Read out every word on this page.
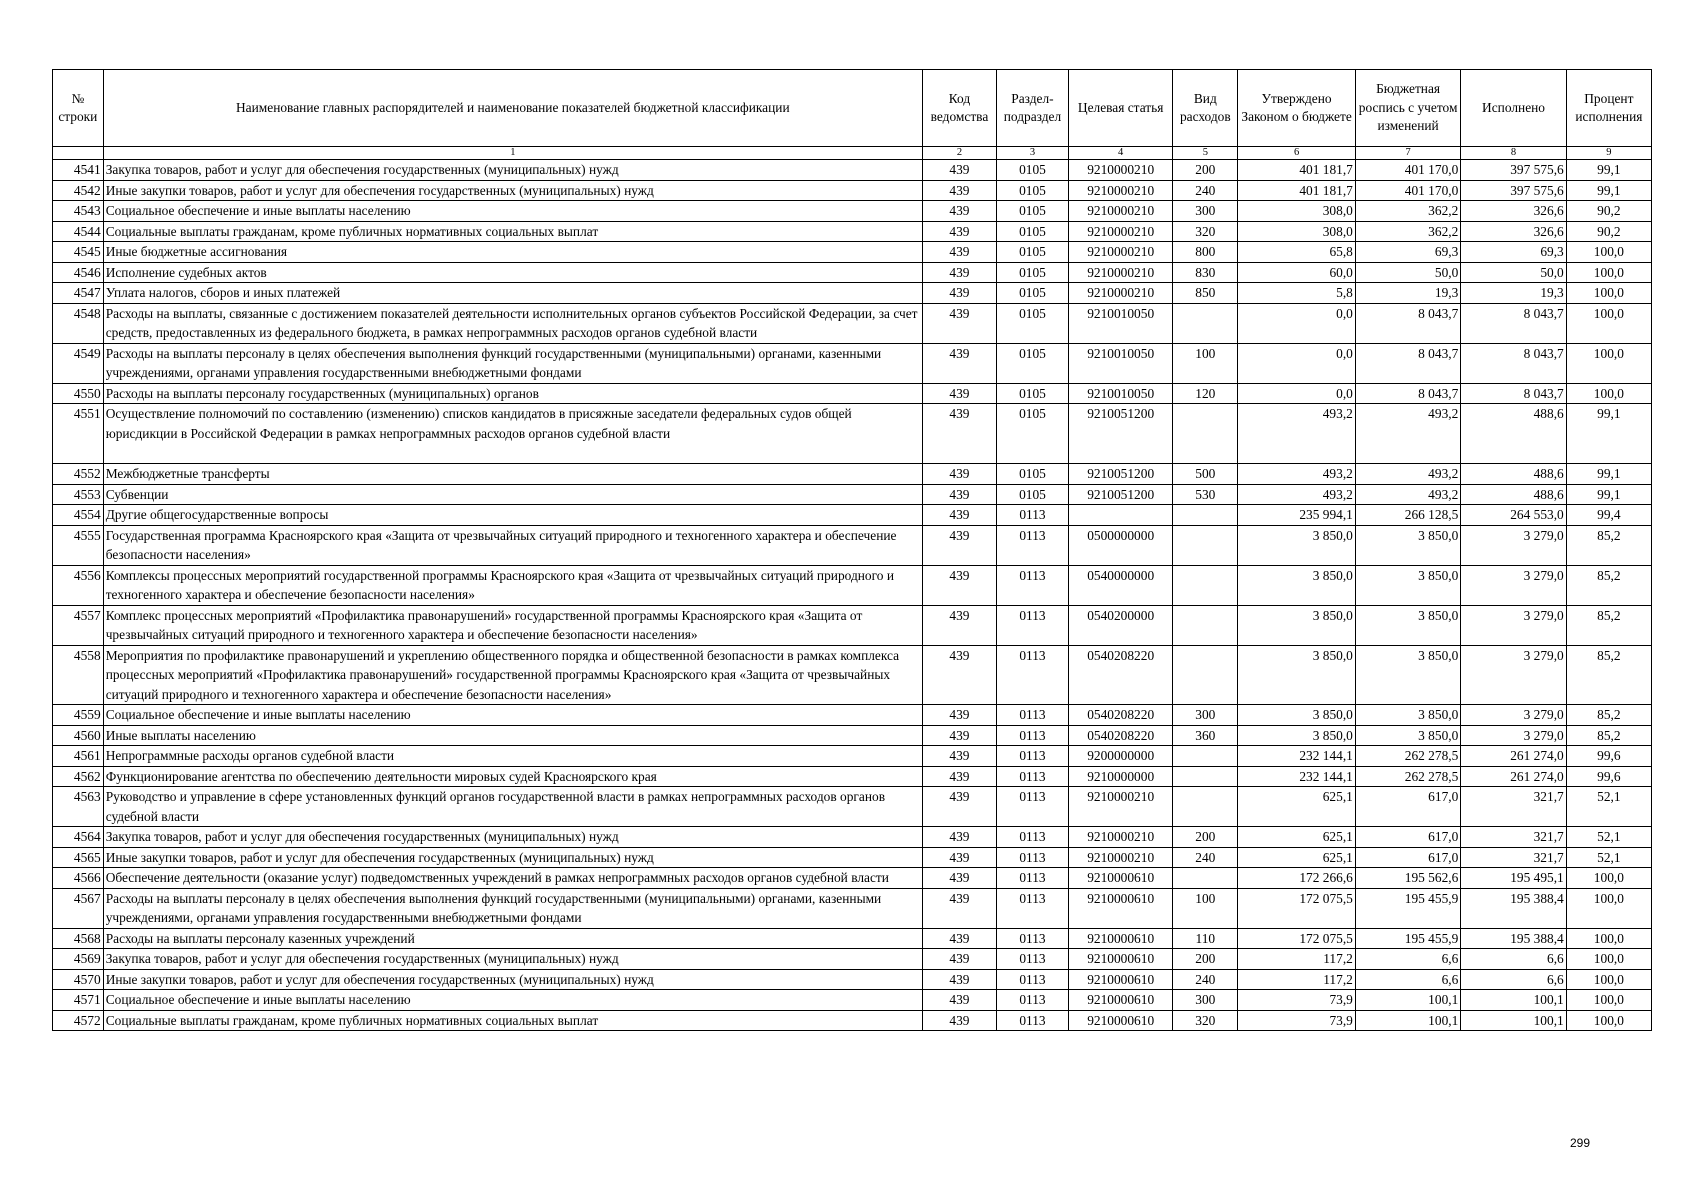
№ строки	Наименование главных распорядителей и наименование показателей бюджетной классификации	Код ведомства	Раздел-подраздел	Целевая статья	Вид расходов	Утверждено Законом о бюджете	Бюджетная роспись с учетом изменений	Исполнено	Процент исполнения
	1	2	3	4	5	6	7	8	9
4541	Закупка товаров, работ и услуг для обеспечения государственных (муниципальных) нужд	439	0105	9210000210	200	401 181,7	401 170,0	397 575,6	99,1
4542	Иные закупки товаров, работ и услуг для обеспечения государственных (муниципальных) нужд	439	0105	9210000210	240	401 181,7	401 170,0	397 575,6	99,1
4543	Социальное обеспечение и иные выплаты населению	439	0105	9210000210	300	308,0	362,2	326,6	90,2
4544	Социальные выплаты гражданам, кроме публичных нормативных социальных выплат	439	0105	9210000210	320	308,0	362,2	326,6	90,2
4545	Иные бюджетные ассигнования	439	0105	9210000210	800	65,8	69,3	69,3	100,0
4546	Исполнение судебных актов	439	0105	9210000210	830	60,0	50,0	50,0	100,0
4547	Уплата налогов, сборов и иных платежей	439	0105	9210000210	850	5,8	19,3	19,3	100,0
4548	Расходы на выплаты, связанные с достижением показателей деятельности исполнительных органов субъектов Российской Федерации, за счет средств, предоставленных из федерального бюджета, в рамках непрограммных расходов органов судебной власти	439	0105	9210010050		0,0	8 043,7	8 043,7	100,0
4549	Расходы на выплаты персоналу в целях обеспечения выполнения функций государственными (муниципальными) органами, казенными учреждениями, органами управления государственными внебюджетными фондами	439	0105	9210010050	100	0,0	8 043,7	8 043,7	100,0
4550	Расходы на выплаты персоналу государственных (муниципальных) органов	439	0105	9210010050	120	0,0	8 043,7	8 043,7	100,0
4551	Осуществление полномочий по составлению (изменению) списков кандидатов в присяжные заседатели федеральных судов общей юрисдикции в Российской Федерации в рамках непрограммных расходов органов судебной власти	439	0105	9210051200		493,2	493,2	488,6	99,1
4552	Межбюджетные трансферты	439	0105	9210051200	500	493,2	493,2	488,6	99,1
4553	Субвенции	439	0105	9210051200	530	493,2	493,2	488,6	99,1
4554	Другие общегосударственные вопросы	439	0113			235 994,1	266 128,5	264 553,0	99,4
4555	Государственная программа Красноярского края «Защита от чрезвычайных ситуаций природного и техногенного характера и обеспечение безопасности населения»	439	0113	0500000000		3 850,0	3 850,0	3 279,0	85,2
4556	Комплексы процессных мероприятий государственной программы Красноярского края «Защита от чрезвычайных ситуаций природного и техногенного характера и обеспечение безопасности населения»	439	0113	0540000000		3 850,0	3 850,0	3 279,0	85,2
4557	Комплекс процессных мероприятий «Профилактика правонарушений» государственной программы Красноярского края «Защита от чрезвычайных ситуаций природного и техногенного характера и обеспечение безопасности населения»	439	0113	0540200000		3 850,0	3 850,0	3 279,0	85,2
4558	Мероприятия по профилактике правонарушений и укреплению общественного порядка и общественной безопасности в рамках комплекса процессных мероприятий «Профилактика правонарушений» государственной программы Красноярского края «Защита от чрезвычайных ситуаций природного и техногенного характера и обеспечение безопасности населения»	439	0113	0540208220		3 850,0	3 850,0	3 279,0	85,2
4559	Социальное обеспечение и иные выплаты населению	439	0113	0540208220	300	3 850,0	3 850,0	3 279,0	85,2
4560	Иные выплаты населению	439	0113	0540208220	360	3 850,0	3 850,0	3 279,0	85,2
4561	Непрограммные расходы органов судебной власти	439	0113	9200000000		232 144,1	262 278,5	261 274,0	99,6
4562	Функционирование агентства по обеспечению деятельности мировых судей Красноярского края	439	0113	9210000000		232 144,1	262 278,5	261 274,0	99,6
4563	Руководство и управление в сфере установленных функций органов государственной власти в рамках непрограммных расходов органов судебной власти	439	0113	9210000210		625,1	617,0	321,7	52,1
4564	Закупка товаров, работ и услуг для обеспечения государственных (муниципальных) нужд	439	0113	9210000210	200	625,1	617,0	321,7	52,1
4565	Иные закупки товаров, работ и услуг для обеспечения государственных (муниципальных) нужд	439	0113	9210000210	240	625,1	617,0	321,7	52,1
4566	Обеспечение деятельности (оказание услуг) подведомственных учреждений в рамках непрограммных расходов органов судебной власти	439	0113	9210000610		172 266,6	195 562,6	195 495,1	100,0
4567	Расходы на выплаты персоналу в целях обеспечения выполнения функций государственными (муниципальными) органами, казенными учреждениями, органами управления государственными внебюджетными фондами	439	0113	9210000610	100	172 075,5	195 455,9	195 388,4	100,0
4568	Расходы на выплаты персоналу казенных учреждений	439	0113	9210000610	110	172 075,5	195 455,9	195 388,4	100,0
4569	Закупка товаров, работ и услуг для обеспечения государственных (муниципальных) нужд	439	0113	9210000610	200	117,2	6,6	6,6	100,0
4570	Иные закупки товаров, работ и услуг для обеспечения государственных (муниципальных) нужд	439	0113	9210000610	240	117,2	6,6	6,6	100,0
4571	Социальное обеспечение и иные выплаты населению	439	0113	9210000610	300	73,9	100,1	100,1	100,0
4572	Социальные выплаты гражданам, кроме публичных нормативных социальных выплат	439	0113	9210000610	320	73,9	100,1	100,1	100,0
299
